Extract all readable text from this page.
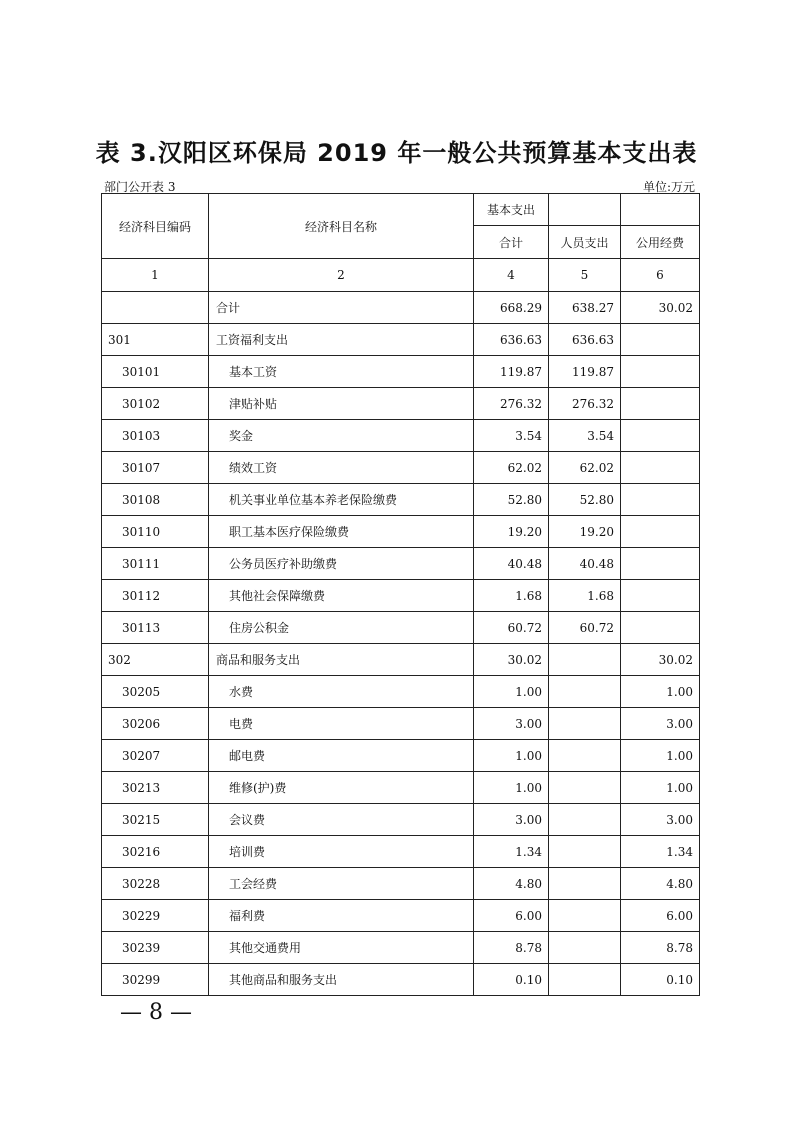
表 3.汉阳区环保局 2019 年一般公共预算基本支出表
部门公开表 3	单位:万元
经济科目编码	经济科目名称	基本支出		
		合计	人员支出	公用经费
1	2	4	5	6
	合计	668.29	638.27	30.02
301	工资福利支出	636.63	636.63	
30101	基本工资	119.87	119.87	
30102	津贴补贴	276.32	276.32	
30103	奖金	3.54	3.54	
30107	绩效工资	62.02	62.02	
30108	机关事业单位基本养老保险缴费	52.80	52.80	
30110	职工基本医疗保险缴费	19.20	19.20	
30111	公务员医疗补助缴费	40.48	40.48	
30112	其他社会保障缴费	1.68	1.68	
30113	住房公积金	60.72	60.72	
302	商品和服务支出	30.02		30.02
30205	水费	1.00		1.00
30206	电费	3.00		3.00
30207	邮电费	1.00		1.00
30213	维修(护)费	1.00		1.00
30215	会议费	3.00		3.00
30216	培训费	1.34		1.34
30228	工会经费	4.80		4.80
30229	福利费	6.00		6.00
30239	其他交通费用	8.78		8.78
30299	其他商品和服务支出	0.10		0.10
— 8 —
